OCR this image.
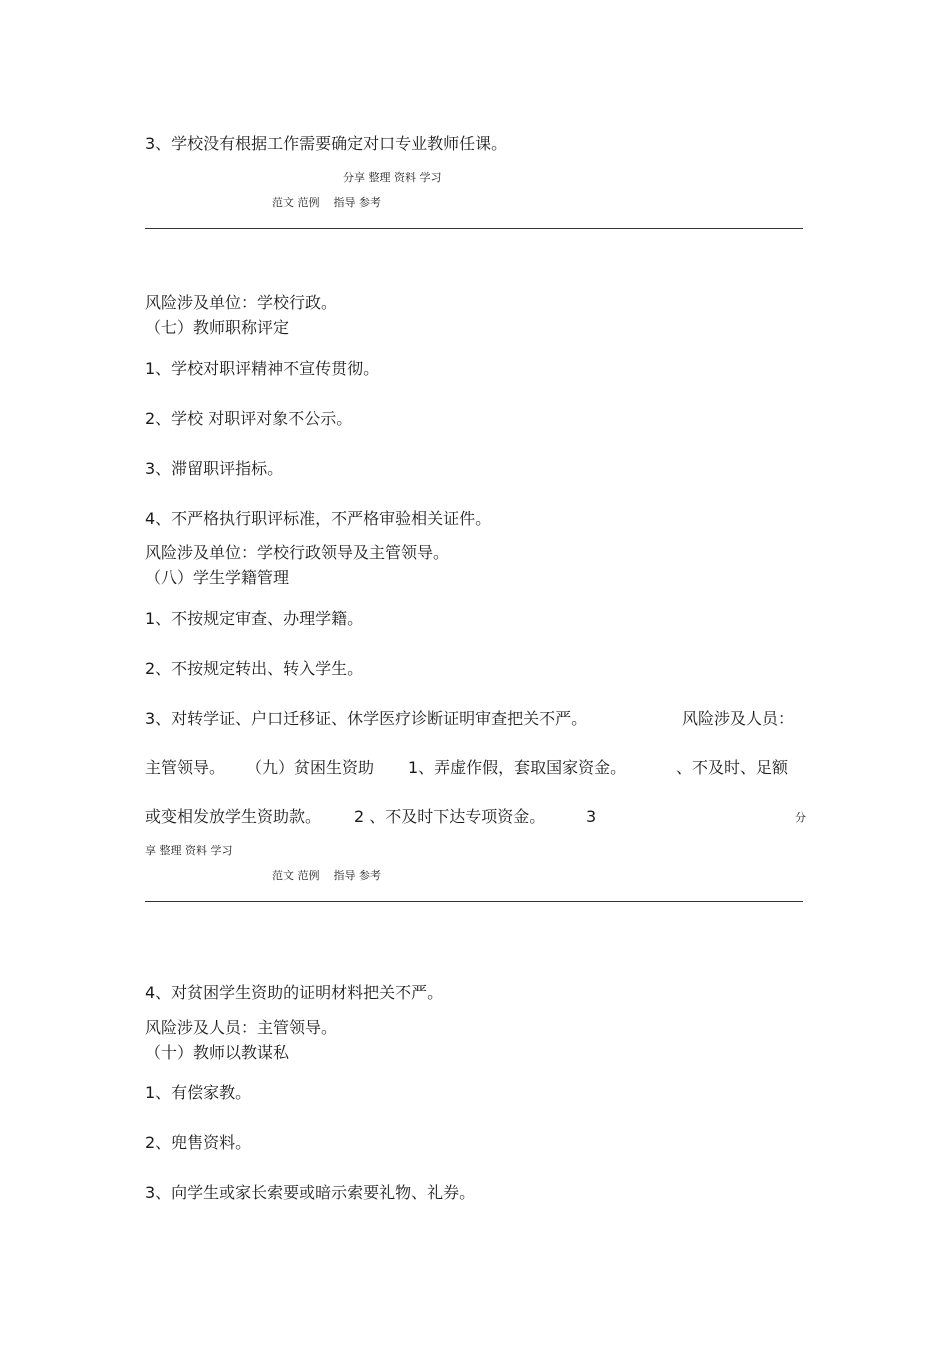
3、学校没有根据工作需要确定对口专业教师任课。
分享 整理 资料 学习
范文 范例    指导 参考
风险涉及单位：学校行政。
（七）教师职称评定
1、学校对职评精神不宣传贯彻。
2、学校 对职评对象不公示。
3、滞留职评指标。
4、不严格执行职评标准，不严格审验相关证件。
风险涉及单位：学校行政领导及主管领导。
（八）学生学籍管理
1、不按规定审查、办理学籍。
2、不按规定转出、转入学生。
3、对转学证、户口迁移证、休学医疗诊断证明审查把关不严。	风险涉及人员：
主管领导。 （九）贫困生资助 1、弄虚作假，套取国家资金。	、不及时、足额
或变相发放学生资助款。 2 、不及时下达专项资金。	3	分
享 整理 资料 学习
范文 范例    指导 参考
4、对贫困学生资助的证明材料把关不严。
风险涉及人员：主管领导。
（十）教师以教谋私
1、有偿家教。
2、兜售资料。
3、向学生或家长索要或暗示索要礼物、礼券。
